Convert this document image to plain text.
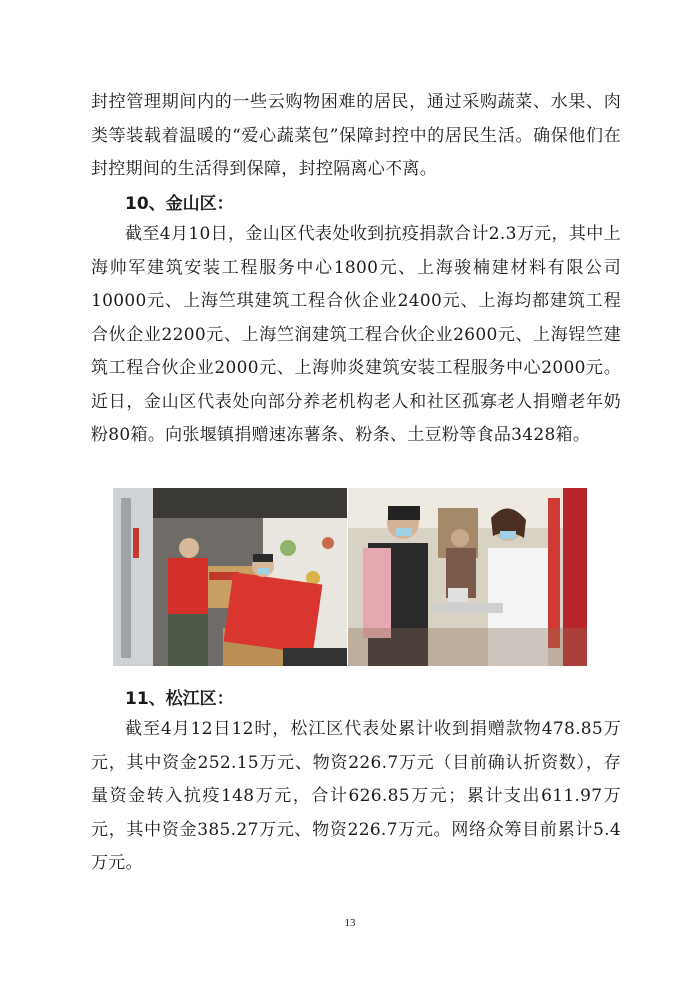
封控管理期间内的一些云购物困难的居民，通过采购蔬菜、水果、肉类等装载着温暖的“爱心蔬菜包”保障封控中的居民生活。确保他们在封控期间的生活得到保障，封控隔离心不离。

10、金山区：

截至4月10日，金山区代表处收到抗疫捐款合计2.3万元，其中上海帅军建筑安装工程服务中心1800元、上海骏楠建材料有限公司10000元、上海竺琪建筑工程合伙企业2400元、上海均都建筑工程合伙企业2200元、上海竺润建筑工程合伙企业2600元、上海锃竺建筑工程合伙企业2000元、上海帅炎建筑安装工程服务中心2000元。近日，金山区代表处向部分养老机构老人和社区孤寡老人捐赠老年奶粉80箱。向张堰镇捐赠速冻薯条、粉条、土豆粉等食品3428箱。

11、松江区：

截至4月12日12时，松江区代表处累计收到捐赠款物478.85万元，其中资金252.15万元、物资226.7万元（目前确认折资数），存量资金转入抗疫148万元，合计626.85万元；累计支出611.97万元，其中资金385.27万元、物资226.7万元。网络众筹目前累计5.4万元。

13
